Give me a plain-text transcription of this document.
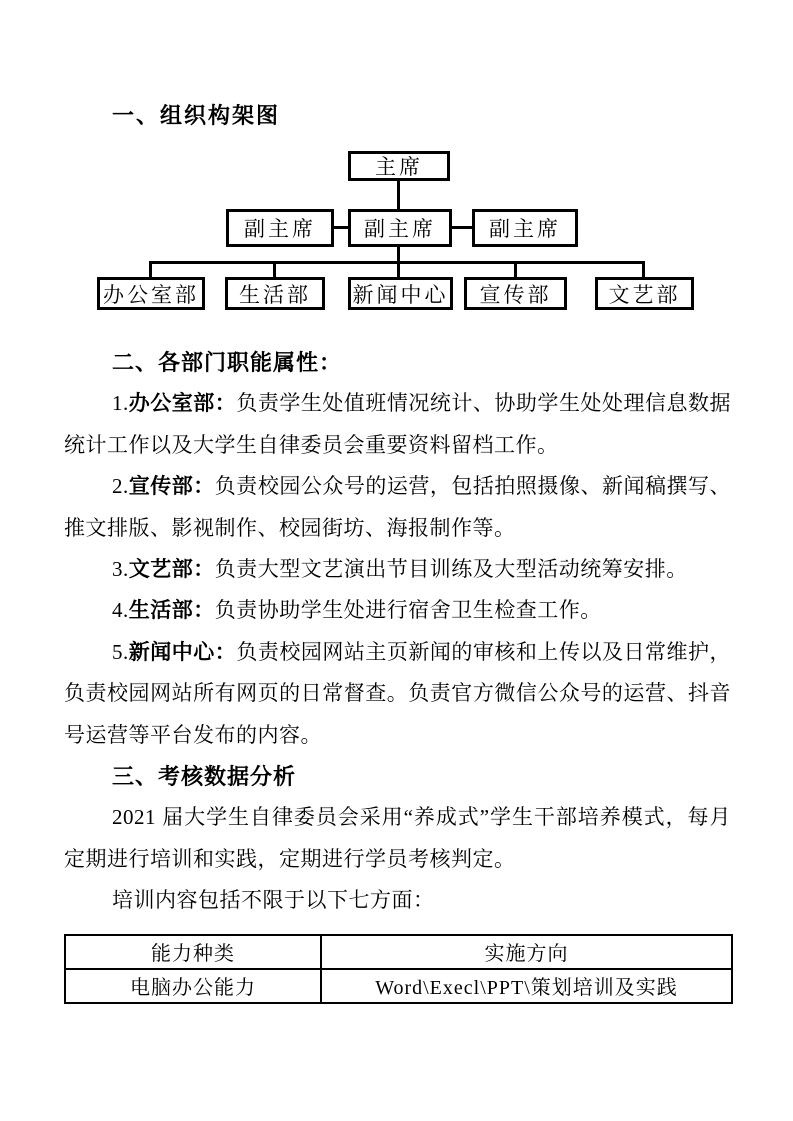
一、组织构架图
主席
副主席 副主席	副主席
办公室部 生活部 新闻中心 宣传部	文艺部
二、各部门职能属性：

1.办公室部：负责学生处值班情况统计、协助学生处处理信息数据统计工作以及大学生自律委员会重要资料留档工作。

2.宣传部：负责校园公众号的运营，包括拍照摄像、新闻稿撰写、推文排版、影视制作、校园街坊、海报制作等。

3.文艺部：负责大型文艺演出节目训练及大型活动统筹安排。

4.生活部：负责协助学生处进行宿舍卫生检查工作。

5.新闻中心：负责校园网站主页新闻的审核和上传以及日常维护，负责校园网站所有网页的日常督查。负责官方微信公众号的运营、抖音号运营等平台发布的内容。

三、考核数据分析

2021 届大学生自律委员会采用“养成式”学生干部培养模式，每月定期进行培训和实践，定期进行学员考核判定。

培训内容包括不限于以下七方面：

能力种类	实施方向
电脑办公能力	Word\Execl\PPT\策划培训及实践
